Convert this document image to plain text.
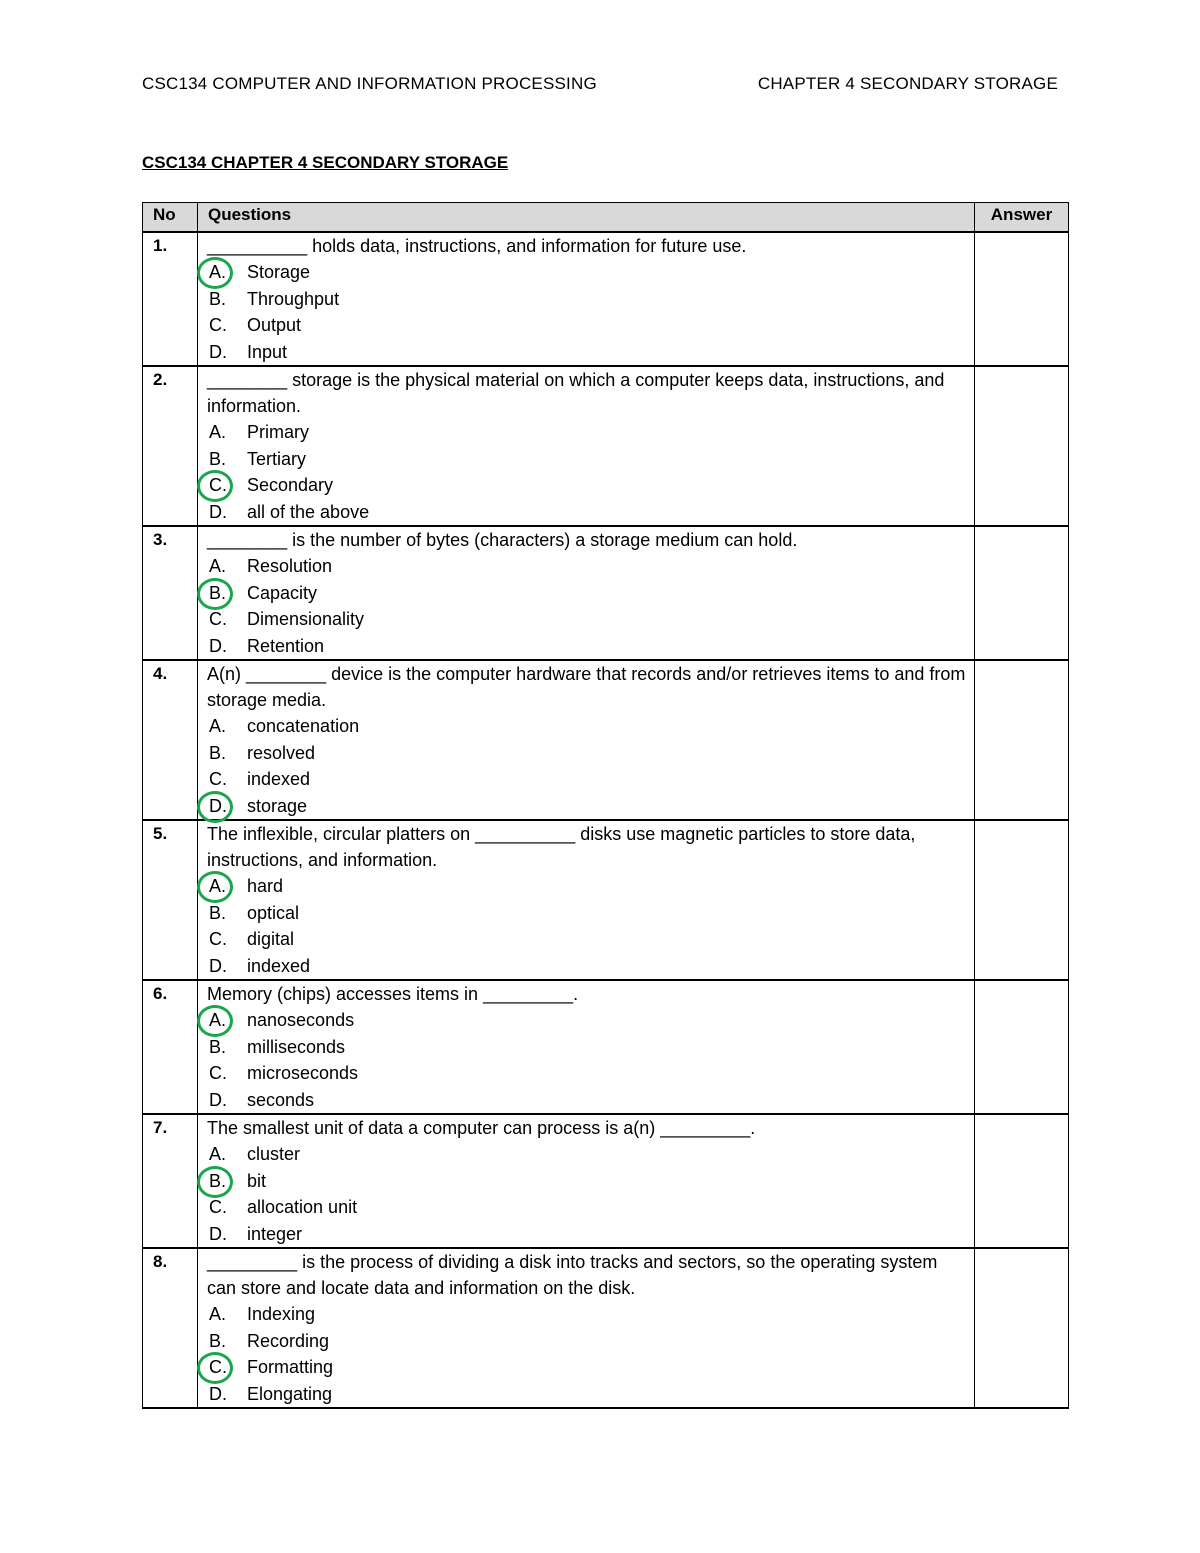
CSC134 COMPUTER AND INFORMATION PROCESSING	CHAPTER 4 SECONDARY STORAGE
CSC134 CHAPTER 4 SECONDARY STORAGE
No	Questions	Answer
1.	__________ holds data, instructions, and information for future use.
A. Storage
B. Throughput
C. Output
D. Input	

2.	________ storage is the physical material on which a computer keeps data, instructions, and information.
A. Primary
B. Tertiary
C. Secondary
D. all of the above	

3.	________ is the number of bytes (characters) a storage medium can hold.
A. Resolution
B. Capacity
C. Dimensionality
D. Retention	

4.	A(n) ________ device is the computer hardware that records and/or retrieves items to and from storage media.
A. concatenation
B. resolved
C. indexed
D. storage	

5.	The inflexible, circular platters on __________ disks use magnetic particles to store data, instructions, and information.
A. hard
B. optical
C. digital
D. indexed	

6.	Memory (chips) accesses items in _________.
A. nanoseconds
B. milliseconds
C. microseconds
D. seconds	

7.	The smallest unit of data a computer can process is a(n) _________.
A. cluster
B. bit
C. allocation unit
D. integer	

8.	_________ is the process of dividing a disk into tracks and sectors, so the operating system can store and locate data and information on the disk.
A. Indexing
B. Recording
C. Formatting
D. Elongating	
